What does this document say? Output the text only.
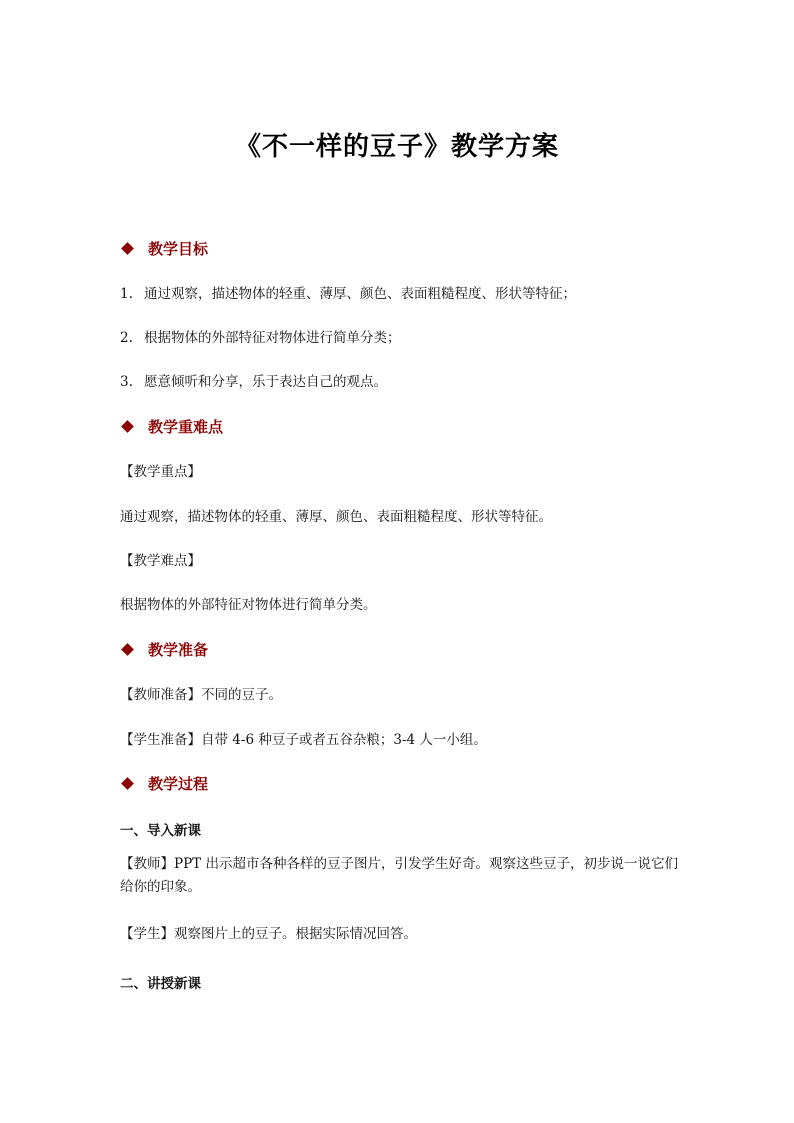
《不一样的豆子》教学方案
教学目标
1. 通过观察，描述物体的轻重、薄厚、颜色、表面粗糙程度、形状等特征；
2. 根据物体的外部特征对物体进行简单分类；
3. 愿意倾听和分享，乐于表达自己的观点。
教学重难点
【教学重点】
通过观察，描述物体的轻重、薄厚、颜色、表面粗糙程度、形状等特征。
【教学难点】
根据物体的外部特征对物体进行简单分类。
教学准备
【教师准备】不同的豆子。
【学生准备】自带 4-6 种豆子或者五谷杂粮；3-4 人一小组。
教学过程
一、导入新课
【教师】PPT 出示超市各种各样的豆子图片，引发学生好奇。观察这些豆子，初步说一说它们给你的印象。
【学生】观察图片上的豆子。根据实际情况回答。
二、讲授新课
